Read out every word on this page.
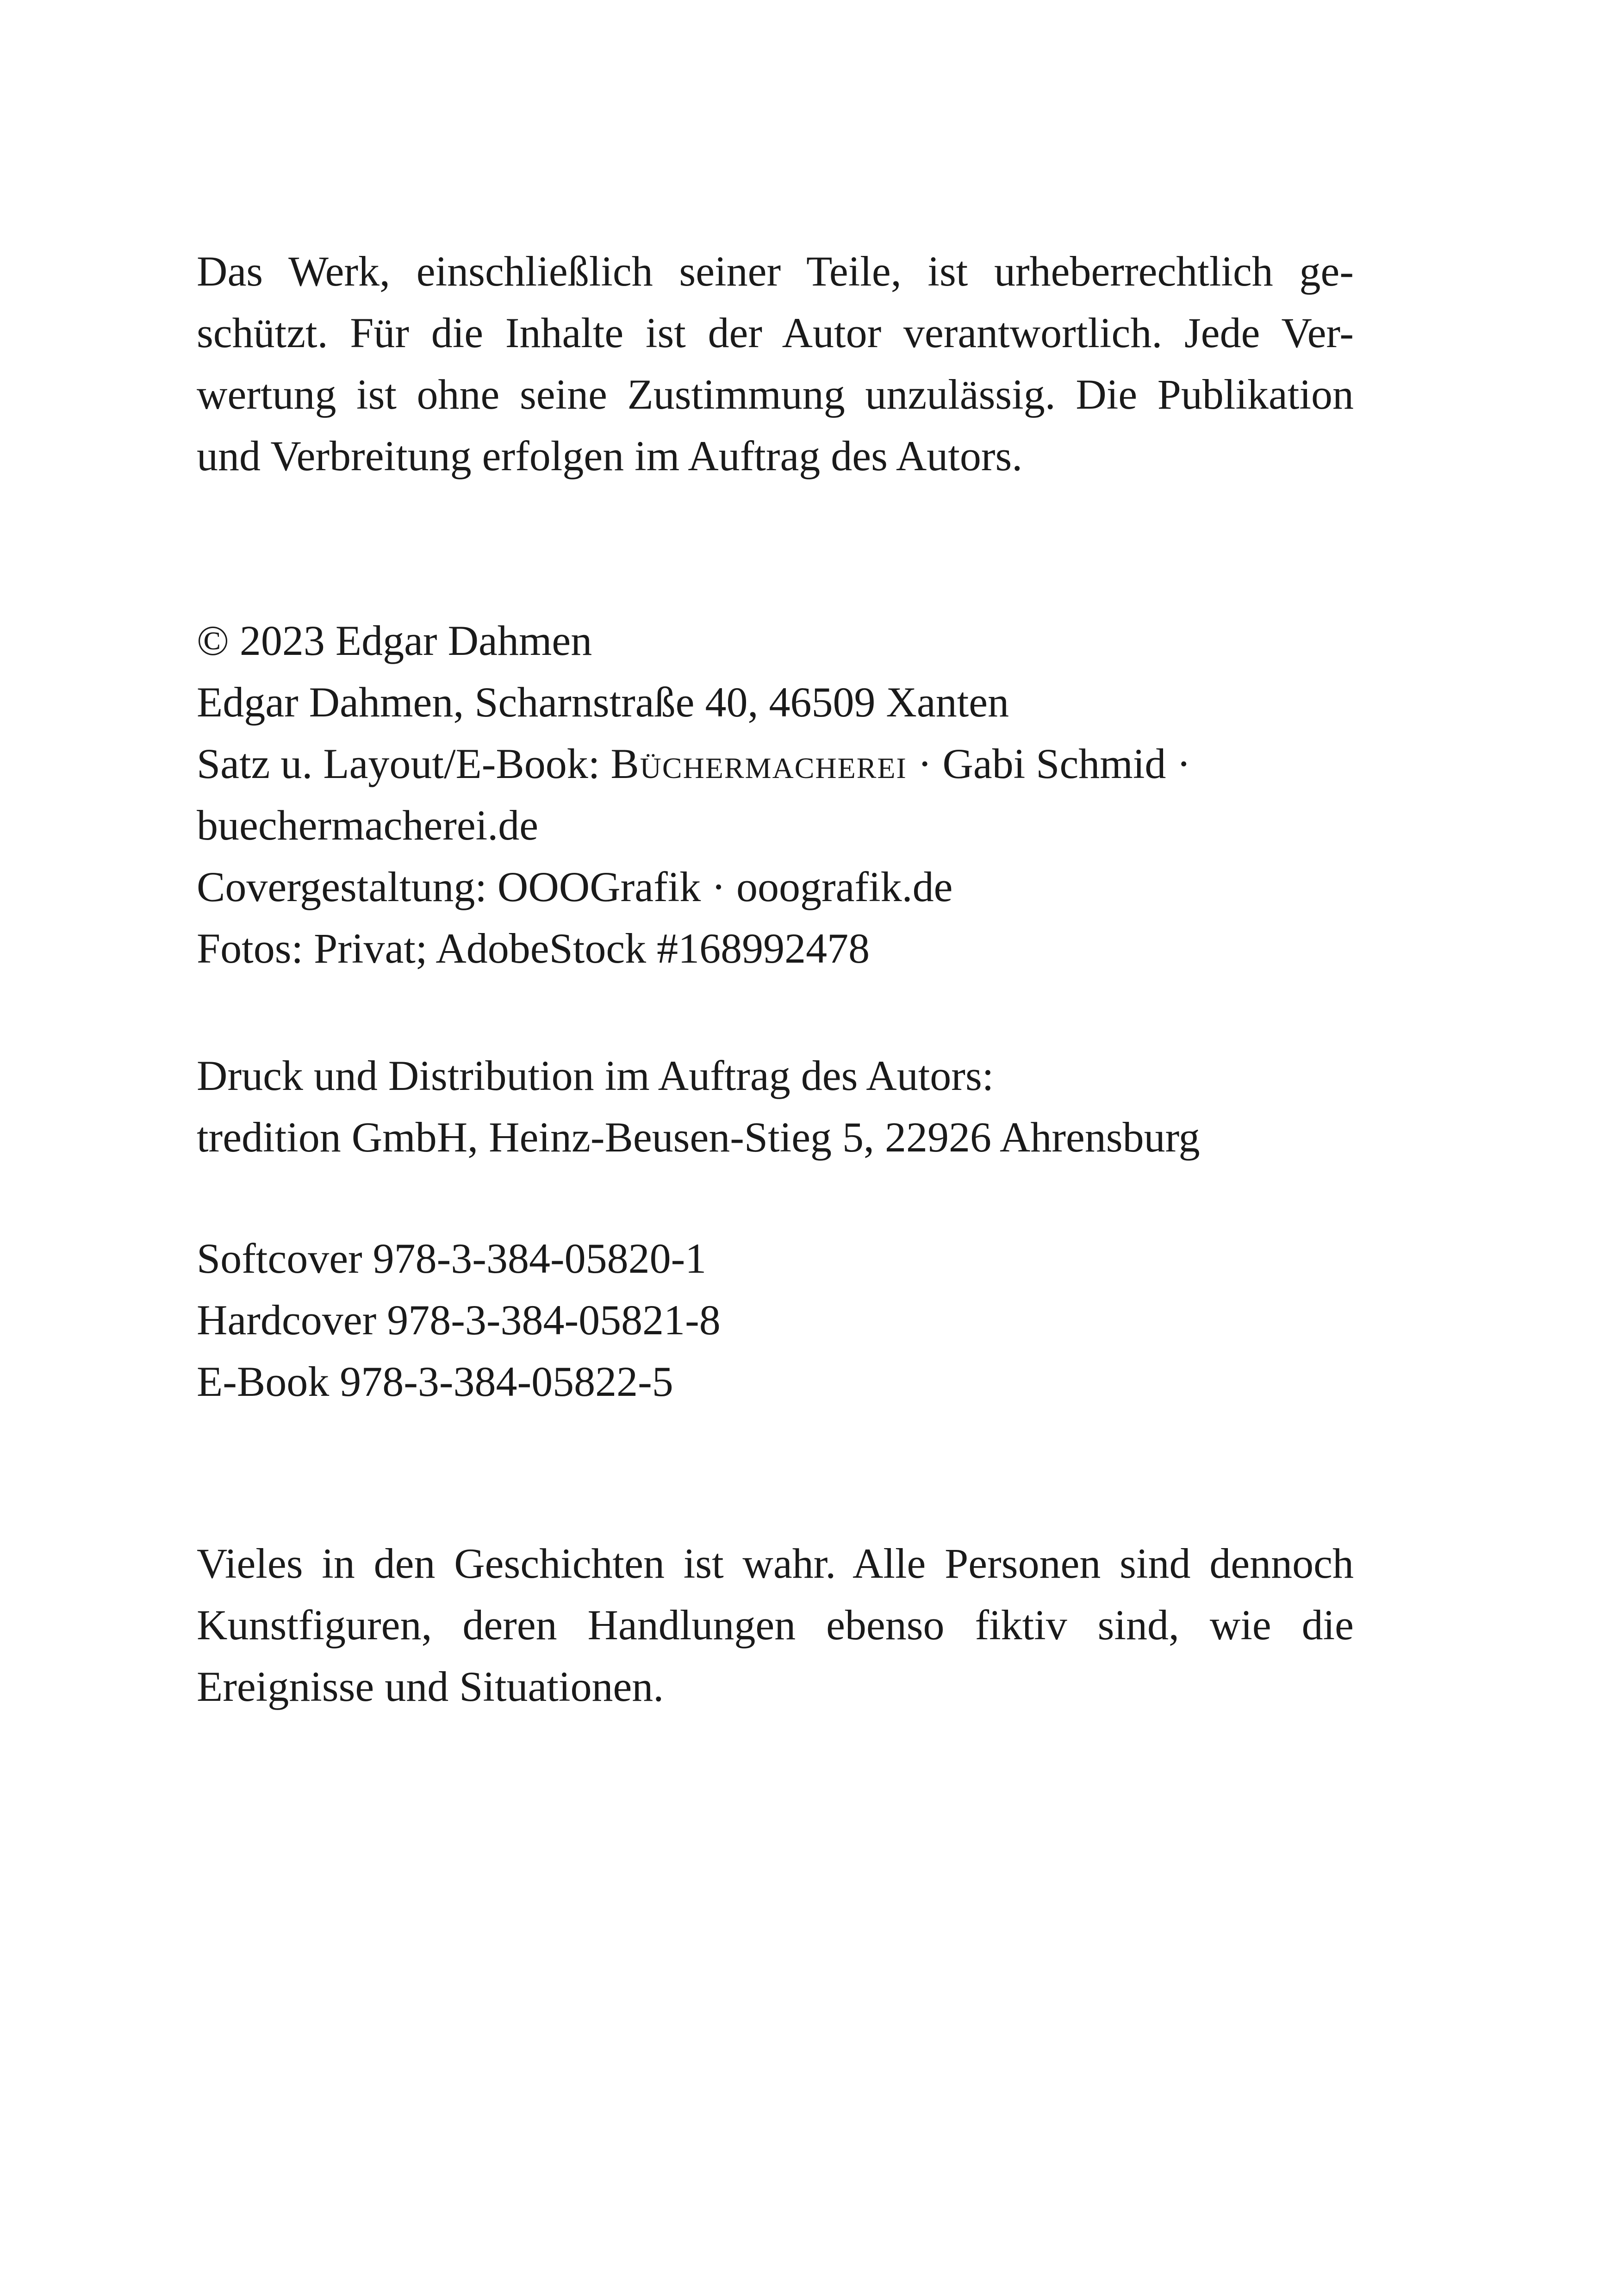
Das Werk, einschließlich seiner Teile, ist urheberrechtlich ge-
schützt. Für die Inhalte ist der Autor verantwortlich. Jede Ver-
wertung ist ohne seine Zustimmung unzulässig. Die Publikation
und Verbreitung erfolgen im Auftrag des Autors.
© 2023 Edgar Dahmen
Edgar Dahmen, Scharnstraße 40, 46509 Xanten
Satz u. Layout/E-Book: Büchermacherei · Gabi Schmid ·
buechermacherei.de
Covergestaltung: OOOGrafik · ooografik.de
Fotos: Privat; AdobeStock #168992478
Druck und Distribution im Auftrag des Autors:
tredition GmbH, Heinz-Beusen-Stieg 5, 22926 Ahrensburg
Softcover 978-3-384-05820-1
Hardcover 978-3-384-05821-8
E-Book 978-3-384-05822-5
Vieles in den Geschichten ist wahr. Alle Personen sind dennoch
Kunstfiguren, deren Handlungen ebenso fiktiv sind, wie die
Ereignisse und Situationen.
